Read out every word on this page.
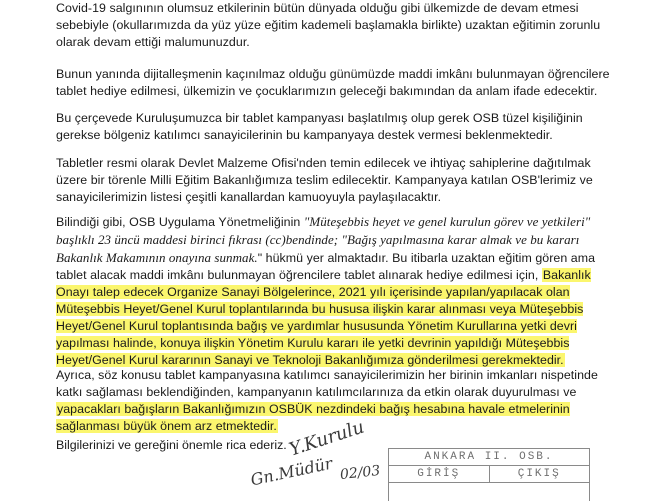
Covid-19 salgınının olumsuz etkilerinin bütün dünyada olduğu gibi ülkemizde de devam etmesi sebebiyle (okullarımızda da yüz yüze eğitim kademeli başlamakla birlikte) uzaktan eğitimin zorunlu olarak devam ettiği malumunuzdur.

Bunun yanında dijitalleşmenin kaçınılmaz olduğu günümüzde maddi imkânı bulunmayan öğrencilere tablet hediye edilmesi, ülkemizin ve çocuklarımızın geleceği bakımından da anlam ifade edecektir.

Bu çerçevede Kuruluşumuzca bir tablet kampanyası başlatılmış olup gerek OSB tüzel kişiliğinin gerekse bölgeniz katılımcı sanayicilerinin bu kampanyaya destek vermesi beklenmektedir.

Tabletler resmi olarak Devlet Malzeme Ofisi'nden temin edilecek ve ihtiyaç sahiplerine dağıtılmak üzere bir törenle Milli Eğitim Bakanlığımıza teslim edilecektir. Kampanyaya katılan OSB'lerimiz ve sanayicilerimizin listesi çeşitli kanallardan kamuoyuyla paylaşılacaktır.

Bilindiği gibi, OSB Uygulama Yönetmeliğinin "Müteşebbis heyet ve genel kurulun görev ve yetkileri" başlıklı 23 üncü maddesi birinci fıkrası (cc)bendinde; "Bağış yapılmasına karar almak ve bu kararı Bakanlık Makamının onayına sunmak." hükmü yer almaktadır. Bu itibarla uzaktan eğitim gören ama tablet alacak maddi imkânı bulunmayan öğrencilere tablet alınarak hediye edilmesi için, Bakanlık Onayı talep edecek Organize Sanayi Bölgelerince, 2021 yılı içerisinde yapılan/yapılacak olan Müteşebbis Heyet/Genel Kurul toplantılarında bu hususa ilişkin karar alınması veya Müteşebbis Heyet/Genel Kurul toplantısında bağış ve yardımlar hususunda Yönetim Kurullarına yetki devri yapılması halinde, konuya ilişkin Yönetim Kurulu kararı ile yetki devrinin yapıldığı Müteşebbis Heyet/Genel Kurul kararının Sanayi ve Teknoloji Bakanlığımıza gönderilmesi gerekmektedir.

Ayrıca, söz konusu tablet kampanyasına katılımcı sanayicilerimizin her birinin imkanları nispetinde katkı sağlaması beklendiğinden, kampanyanın katılımcılarınıza da etkin olarak duyurulması ve yapacakları bağışların Bakanlığımızın OSBÜK nezdindeki bağış hesabına havale etmelerinin sağlanması büyük önem arz etmektedir.

Bilgilerinizi ve gereğini önemle rica ederiz. Y.Kurulu
Gn.Müdür 02/03
ANKARA II. OSB.
GİRİŞ	ÇIKIŞ
